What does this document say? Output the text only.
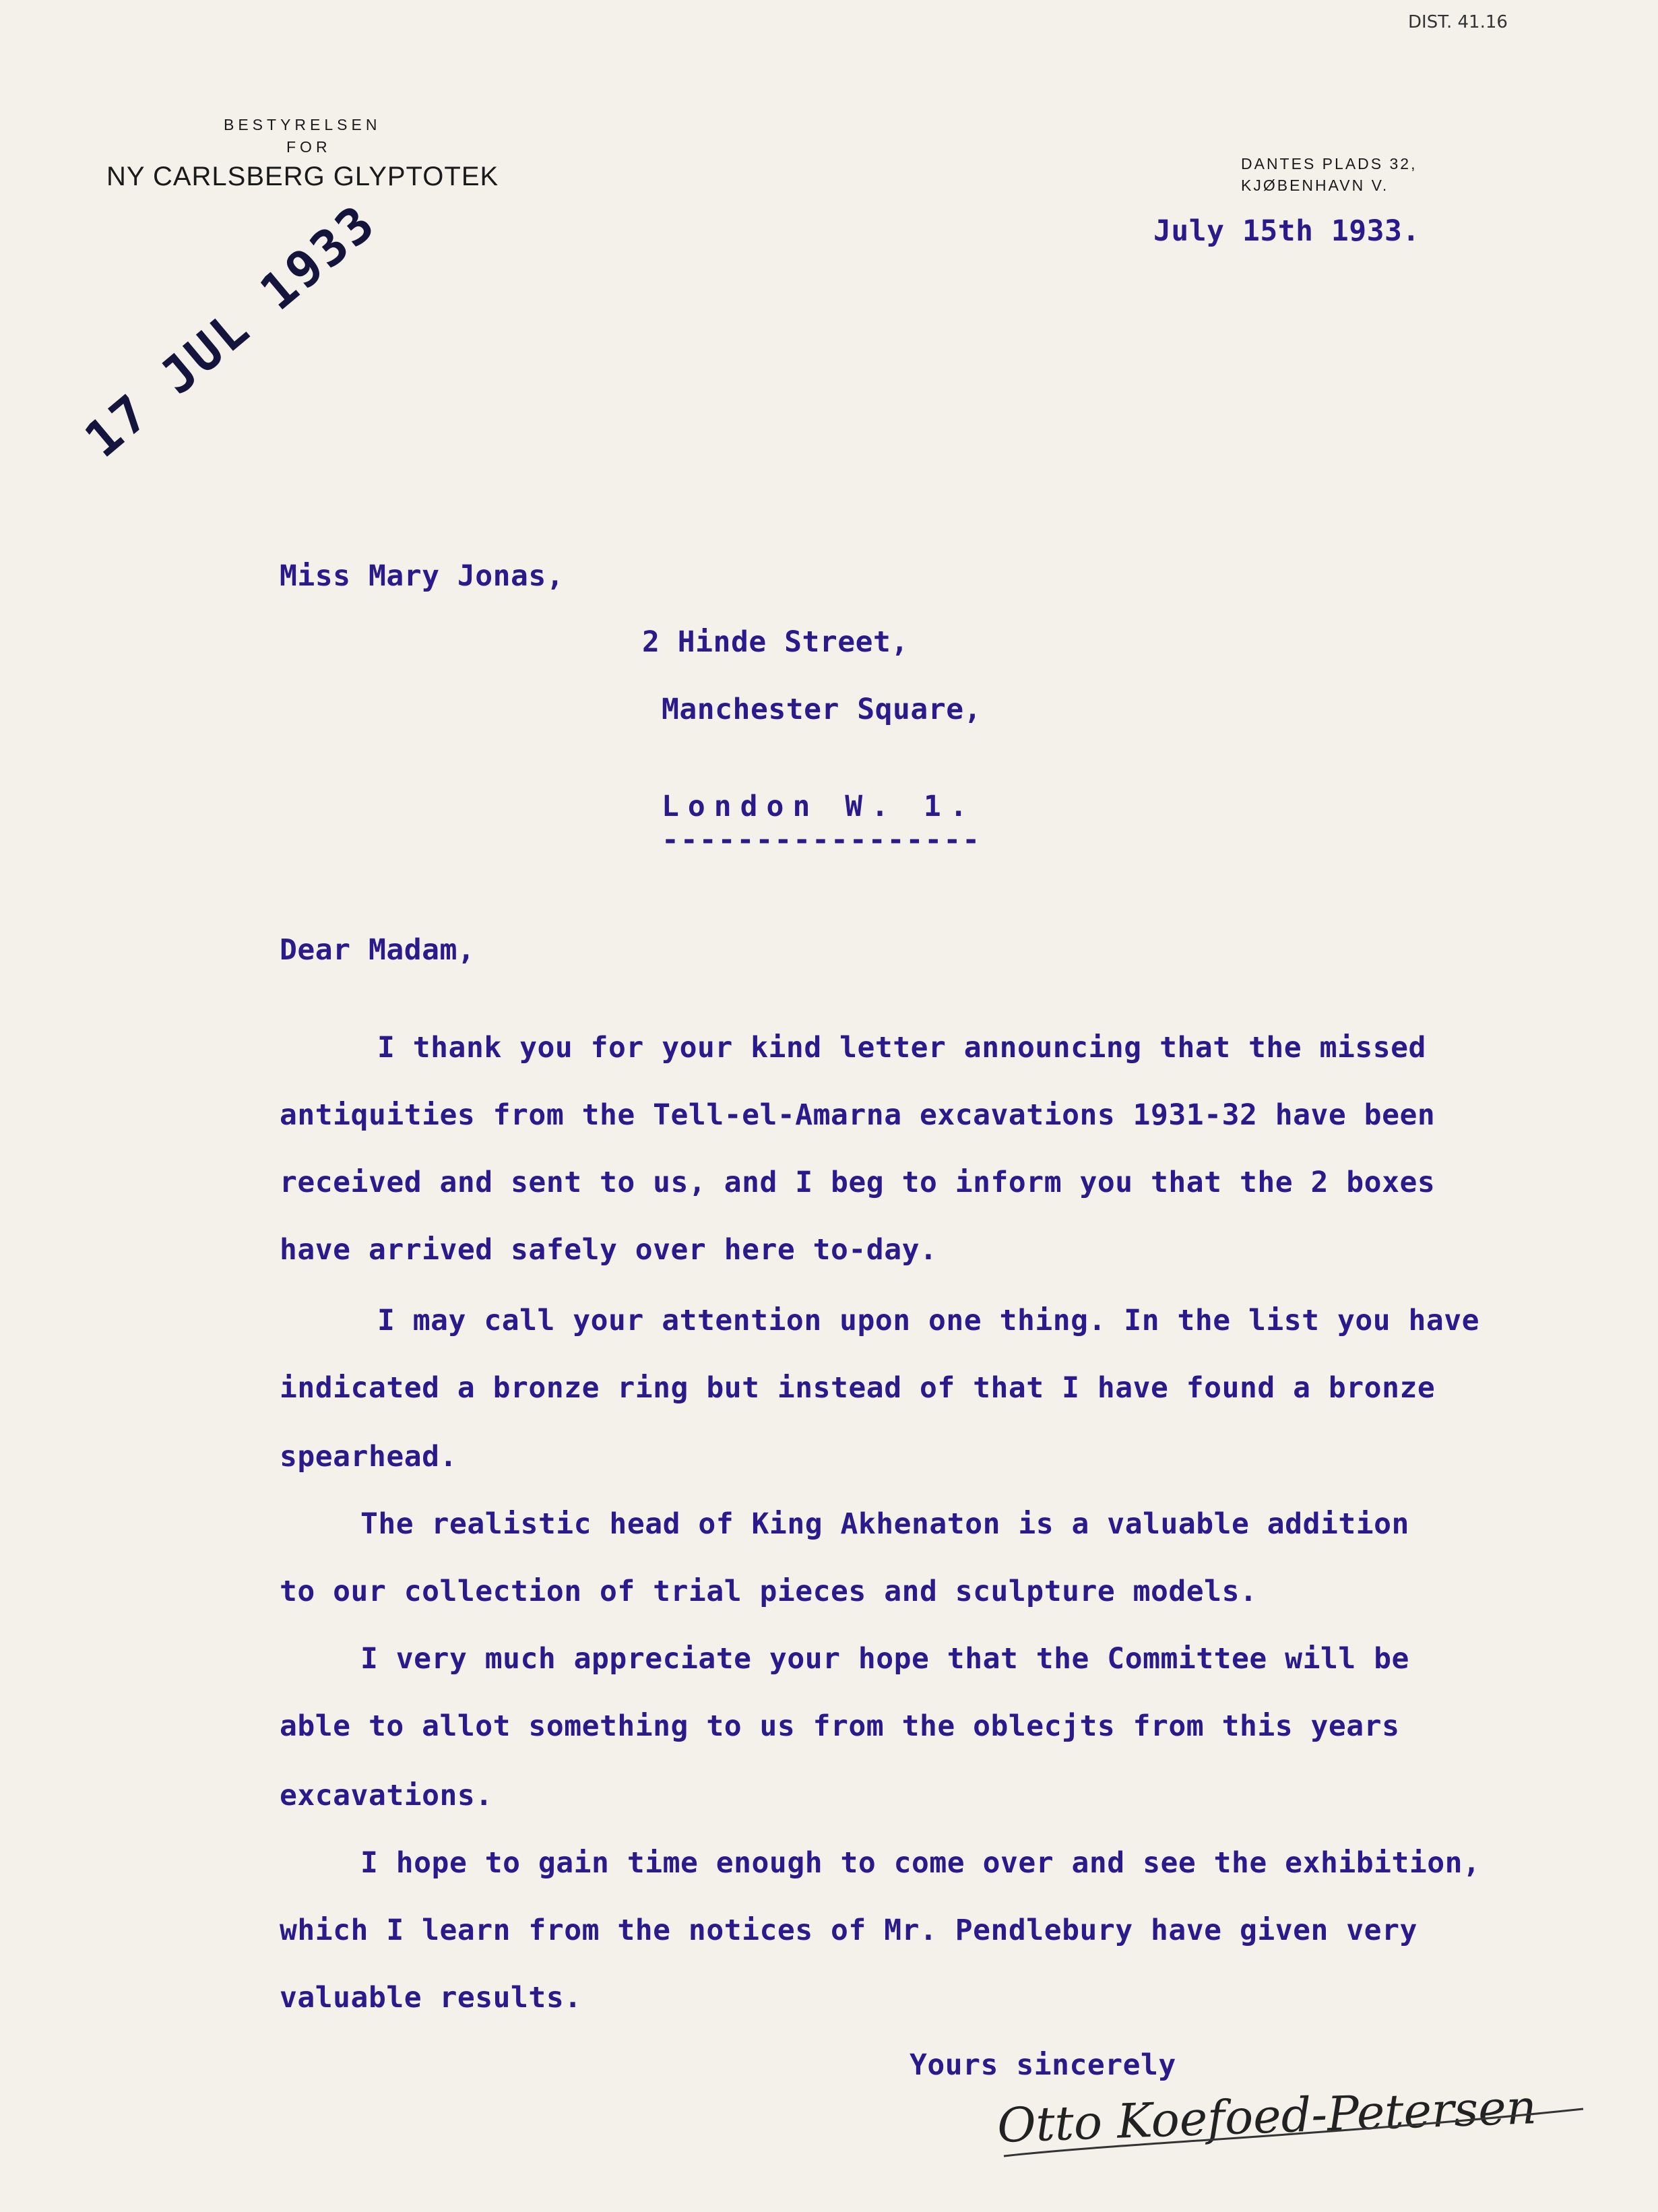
DIST. 41.16
BESTYRELSEN
FOR
NY CARLSBERG GLYPTOTEK	DANTES PLADS 32,
KJØBENHAVN V.
July 15th 1933.
17 JUL 1933
Miss Mary Jonas,
2 Hinde Street,
Manchester Square,
London W. 1.
-----------------
Dear Madam,
I thank you for your kind letter announcing that the missed
antiquities from the Tell-el-Amarna excavations 1931-32 have been
received and sent to us, and I beg to inform you that the 2 boxes
have arrived safely over here to-day.
I may call your attention upon one thing. In the list you have
indicated a bronze ring but instead of that I have found a bronze
spearhead.
The realistic head of King Akhenaton is a valuable addition
to our collection of trial pieces and sculpture models.
I very much appreciate your hope that the Committee will be
able to allot something to us from the oblecjts from this years
excavations.
I hope to gain time enough to come over and see the exhibition,
which I learn from the notices of Mr. Pendlebury have given very
valuable results.
Yours sincerely
Otto Koefoed-Petersen
